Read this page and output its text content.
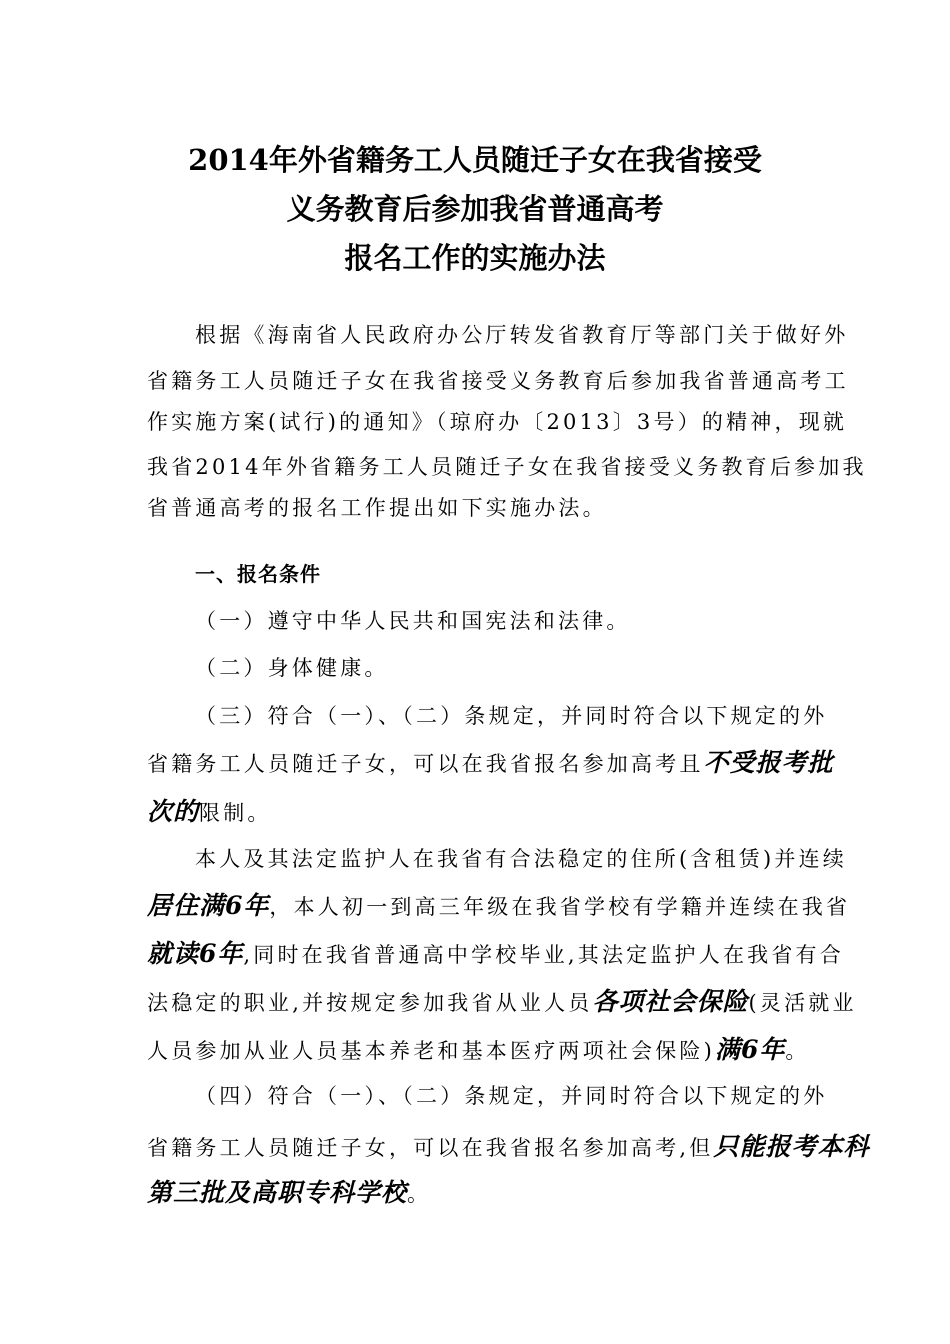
2014年外省籍务工人员随迁子女在我省接受
义务教育后参加我省普通高考
报名工作的实施办法
根据《海南省人民政府办公厅转发省教育厅等部门关于做好外
省籍务工人员随迁子女在我省接受义务教育后参加我省普通高考工
作实施方案(试行)的通知》（琼府办〔2013〕3号）的精神，现就
我省2014年外省籍务工人员随迁子女在我省接受义务教育后参加我
省普通高考的报名工作提出如下实施办法。
一、报名条件
（一）遵守中华人民共和国宪法和法律。
（二）身体健康。
（三）符合（一）、（二）条规定，并同时符合以下规定的外
省籍务工人员随迁子女，可以在我省报名参加高考且不受报考批
次的限制。
本人及其法定监护人在我省有合法稳定的住所(含租赁)并连续
居住满6年，本人初一到高三年级在我省学校有学籍并连续在我省
就读6年,同时在我省普通高中学校毕业,其法定监护人在我省有合
法稳定的职业,并按规定参加我省从业人员各项社会保险(灵活就业
人员参加从业人员基本养老和基本医疗两项社会保险)满6年。
（四）符合（一）、（二）条规定，并同时符合以下规定的外
省籍务工人员随迁子女，可以在我省报名参加高考,但只能报考本科
第三批及高职专科学校。
